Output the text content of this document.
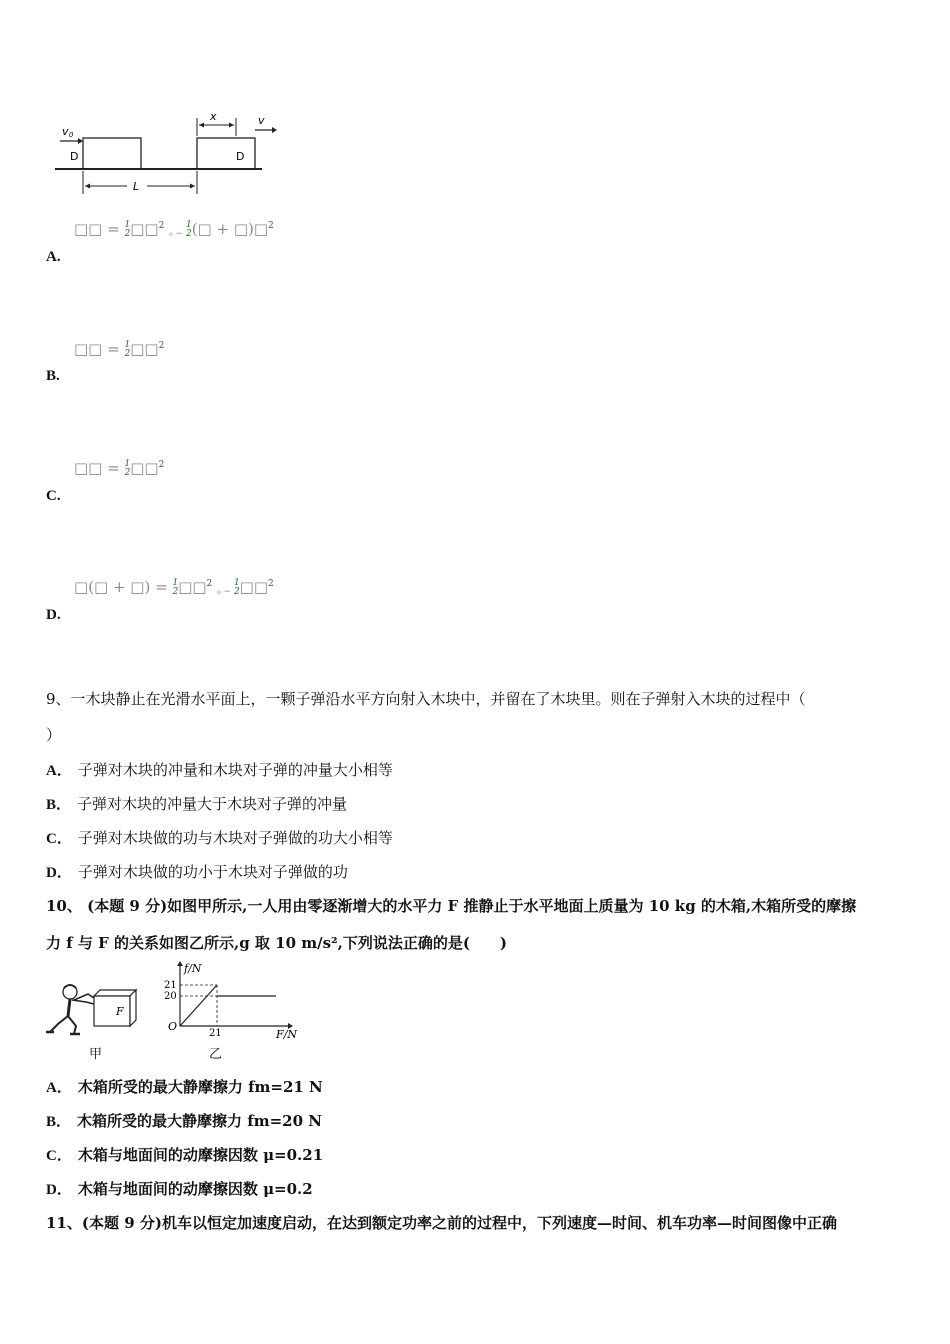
v 0
D	D
x	v
L
□□ = 1
2 □□$^2$ $_{_0 -}$
1
2 (□ + □)□$^2$
A.
□□ = 1
2 □□$^2$
B.
□□ = 1
2 □□$^2$
C.
□(□ + □) = 1
2 □□$^2$ $_{_0 -}$
1
2 □□$^2$
D.
9、一木块静止在光滑水平面上，一颗子弹沿水平方向射入木块中，并留在了木块里。则在子弹射入木块的过程中（
）
A． 子弹对木块的冲量和木块对子弹的冲量大小相等
B． 子弹对木块的冲量大于木块对子弹的冲量
C． 子弹对木块做的功与木块对子弹做的功大小相等
D． 子弹对木块做的功小于木块对子弹做的功
10、 (本题 9 分)如图甲所示,一人用由零逐渐增大的水平力 F 推静止于水平地面上质量为 10 kg 的木箱,木箱所受的摩擦
力 f 与 F 的关系如图乙所示,g 取 10 m/s²,下列说法正确的是(　　)
F
甲
f/N
F/N
O
21
20
21
乙
A． 木箱所受的最大静摩擦力 fm=21 N
B． 木箱所受的最大静摩擦力 fm=20 N
C． 木箱与地面间的动摩擦因数 μ=0.21
D． 木箱与地面间的动摩擦因数 μ=0.2
11、(本题 9 分)机车以恒定加速度启动，在达到额定功率之前的过程中，下列速度—时间、机车功率—时间图像中正确
